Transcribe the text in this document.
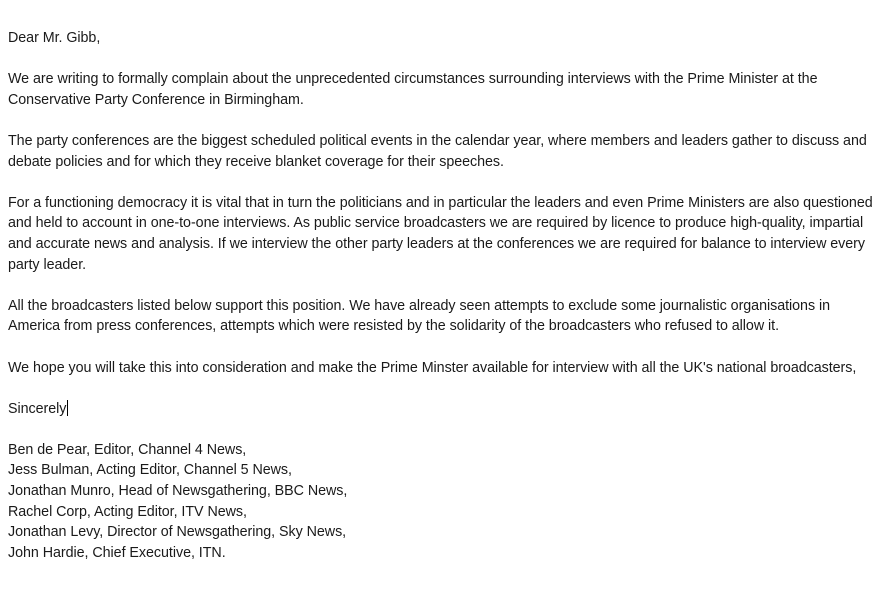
Dear Mr. Gibb,

We are writing to formally complain about the unprecedented circumstances surrounding interviews with the Prime Minister at the Conservative Party Conference in Birmingham.

The party conferences are the biggest scheduled political events in the calendar year, where members and leaders gather to discuss and debate policies and for which they receive blanket coverage for their speeches.

For a functioning democracy it is vital that in turn the politicians and in particular the leaders and even Prime Ministers are also questioned and held to account in one-to-one interviews. As public service broadcasters we are required by licence to produce high-quality, impartial and accurate news and analysis. If we interview the other party leaders at the conferences we are required for balance to interview every party leader.

All the broadcasters listed below support this position. We have already seen attempts to exclude some journalistic organisations in America from press conferences, attempts which were resisted by the solidarity of the broadcasters who refused to allow it.

We hope you will take this into consideration and make the Prime Minster available for interview with all the UK's national broadcasters,

Sincerely

Ben de Pear, Editor, Channel 4 News,
Jess Bulman, Acting Editor, Channel 5 News,
Jonathan Munro, Head of Newsgathering, BBC News,
Rachel Corp, Acting Editor, ITV News,
Jonathan Levy, Director of Newsgathering, Sky News,
John Hardie, Chief Executive, ITN.
